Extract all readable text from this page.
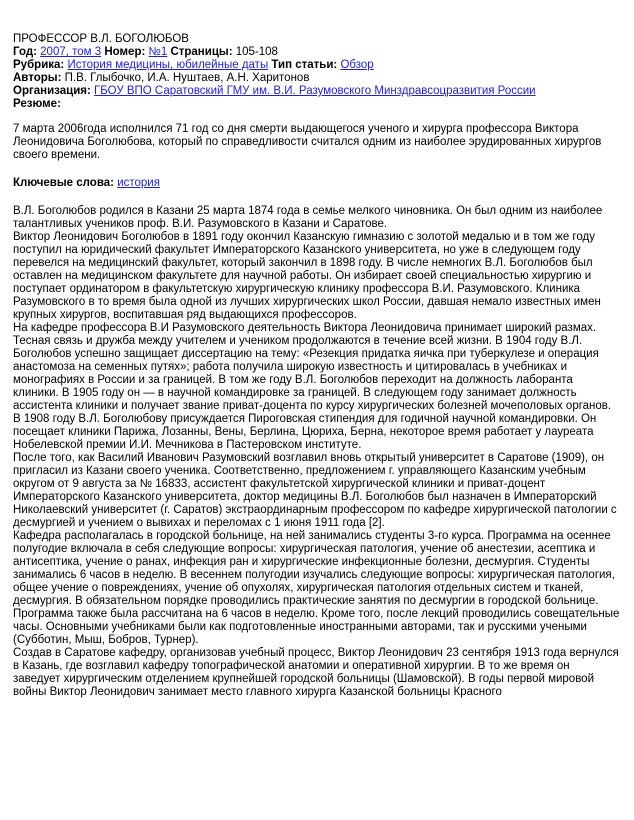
ПРОФЕССОР В.Л. БОГОЛЮБОВ
Год: 2007, том 3 Номер: №1 Страницы: 105-108
Рубрика: История медицины, юбилейные даты Тип статьи: Обзор
Авторы: П.В. Глыбочко, И.А. Нуштаев, А.Н. Харитонов
Организация: ГБОУ ВПО Саратовский ГМУ им. В.И. Разумовского Минздравсоцразвития России
Резюме:
7 марта 2006года исполнился 71 год со дня смерти выдающегося ученого и хирурга профессора Виктора Леонидовича Боголюбова, который по справедливости считался одним из наиболее эрудированных хирургов своего времени.
Ключевые слова: история

В.Л. Боголюбов родился в Казани 25 марта 1874 года в семье мелкого чиновника. Он был одним из наиболее талантливых учеников проф. В.И. Разумовского в Казани и Саратове.

Виктор Леонидович Боголюбов в 1891 году окончил Казанскую гимназию с золотой медалью и в том же году поступил на юридический факультет Императорского Казанского университета, но уже в следующем году перевелся на медицинский факультет, который закончил в 1898 году. В числе немногих В.Л. Боголюбов был оставлен на медицинском факультете для научной работы. Он избирает своей специальностью хирургию и поступает ординатором в факультетскую хирургическую клинику профессора В.И. Разумовского. Клиника Разумовского в то время была одной из лучших хирургических школ России, давшая немало известных имен крупных хирургов, воспитавшая ряд выдающихся профессоров.

На кафедре профессора В.И Разумовского деятельность Виктора Леонидовича принимает широкий размах. Тесная связь и дружба между учителем и учеником продолжаются в течение всей жизни. В 1904 году В.Л. Боголюбов успешно защищает диссертацию на тему: «Резекция придатка яичка при туберкулезе и операция анастомоза на семенных путях»; работа получила широкую известность и цитировалась в учебниках и монографиях в России и за границей. В том же году В.Л. Боголюбов переходит на должность лаборанта клиники. В 1905 году он — в научной командировке за границей. В следующем году занимает должность ассистента клиники и получает звание приват-доцента по курсу хирургических болезней мочеполовых органов. В 1908 году В.Л. Боголюбову присуждается Пироговская стипендия для годичной научной командировки. Он посещает клиники Парижа, Лозанны, Вены, Берлина, Цюриха, Берна, некоторое время работает у лауреата Нобелевской премии И.И. Мечникова в Пастеровском институте.

После того, как Василий Иванович Разумовский возглавил вновь открытый университет в Саратове (1909), он пригласил из Казани своего ученика. Соответственно, предложением г. управляющего Казанским учебным округом от 9 августа за № 16833, ассистент факультетской хирургической клиники и приват-доцент Императорского Казанского университета, доктор медицины В.Л. Боголюбов был назначен в Императорский Николаевский университет (г. Саратов) экстраординарным профессором по кафедре хирургической патологии с десмургией и учением о вывихах и переломах с 1 июня 1911 года [2].

Кафедра располагалась в городской больнице, на ней занимались студенты 3-го курса. Программа на осеннее полугодие включала в себя следующие вопросы: хирургическая патология, учение об анестезии, асептика и антисептика, учение о ранах, инфекция ран и хирургические инфекционные болезни, десмургия. Студенты занимались 6 часов в неделю. В весеннем полугодии изучались следующие вопросы: хирургическая патология, общее учение о повреждениях, учение об опухолях, хирургическая патология отдельных систем и тканей, десмургия. В обязательном порядке проводились практические занятия по десмургии в городской больнице. Программа также была рассчитана на 6 часов в неделю. Кроме того, после лекций проводились совещательные часы. Основными учебниками были как подготовленные иностранными авторами, так и русскими учеными (Субботин, Мыш, Бобров, Турнер).

Создав в Саратове кафедру, организовав учебный процесс, Виктор Леонидович 23 сентября 1913 года вернулся в Казань, где возглавил кафедру топографической анатомии и оперативной хирургии. В то же время он заведует хирургическим отделением крупнейшей городской больницы (Шамовской). В годы первой мировой войны Виктор Леонидович занимает место главного хирурга Казанской больницы Красного
